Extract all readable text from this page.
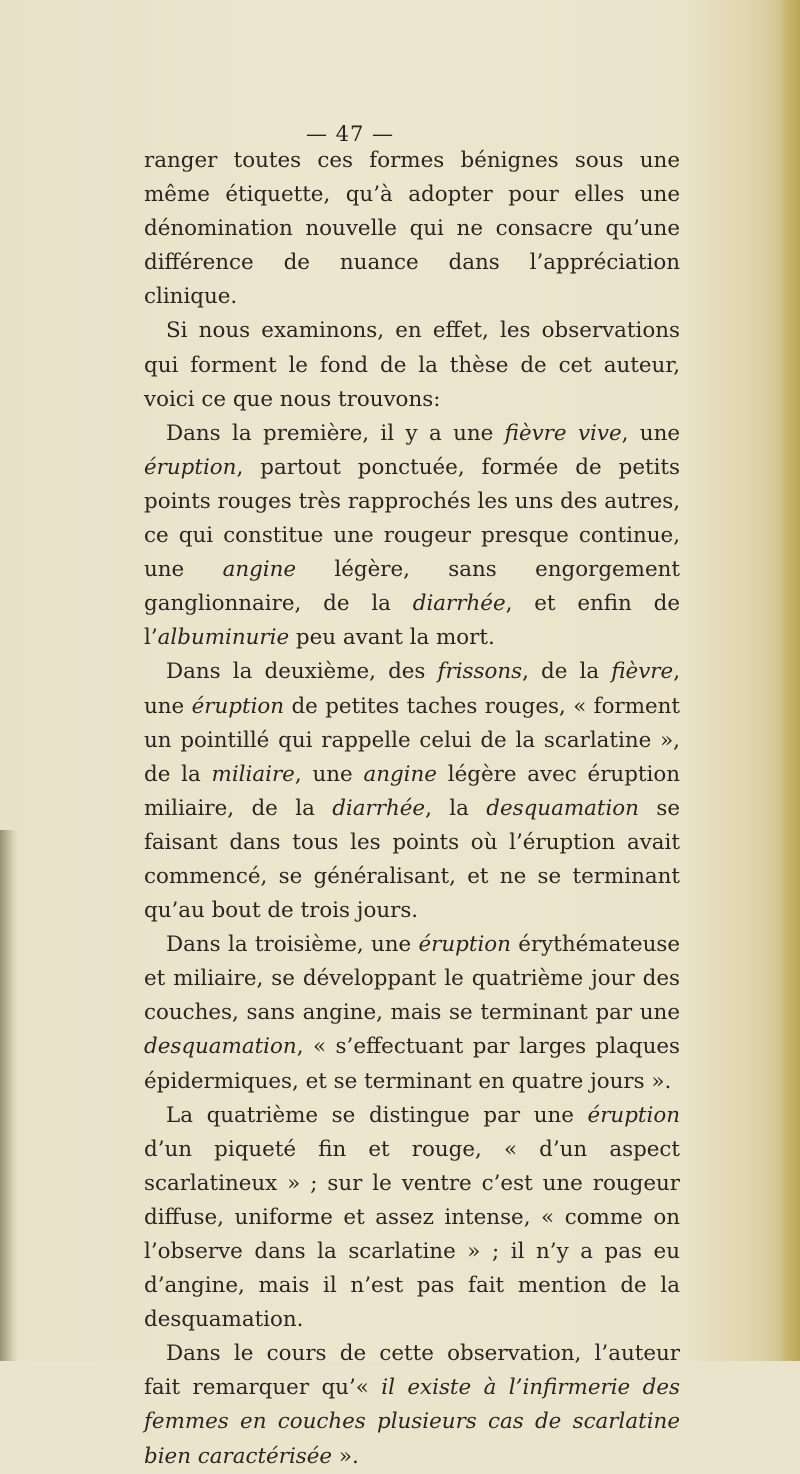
— 47 —

ranger toutes ces formes bénignes sous une même étiquette, qu’à adopter pour elles une dénomination nouvelle qui ne consacre qu’une différence de nuance dans l’appréciation clinique.

Si nous examinons, en effet, les observations qui forment le fond de la thèse de cet auteur, voici ce que nous trouvons:

Dans la première, il y a une fièvre vive, une éruption, partout ponctuée, formée de petits points rouges très rapprochés les uns des autres, ce qui constitue une rougeur presque continue, une angine légère, sans engorgement ganglionnaire, de la diarrhée, et enfin de l’albuminurie peu avant la mort.

Dans la deuxième, des frissons, de la fièvre, une éruption de petites taches rouges, « forment un pointillé qui rappelle celui de la scarlatine », de la miliaire, une angine légère avec éruption miliaire, de la diarrhée, la desquamation se faisant dans tous les points où l’éruption avait commencé, se généralisant, et ne se terminant qu’au bout de trois jours.

Dans la troisième, une éruption érythémateuse et miliaire, se développant le quatrième jour des couches, sans angine, mais se terminant par une desquamation, « s’effectuant par larges plaques épidermiques, et se terminant en quatre jours ».

La quatrième se distingue par une éruption d’un piqueté fin et rouge, « d’un aspect scarlatineux » ; sur le ventre c’est une rougeur diffuse, uniforme et assez intense, « comme on l’observe dans la scarlatine » ; il n’y a pas eu d’angine, mais il n’est pas fait mention de la desquamation.

Dans le cours de cette observation, l’auteur fait remarquer qu’« il existe à l’infirmerie des femmes en couches plusieurs cas de scarlatine bien caractérisée ».
